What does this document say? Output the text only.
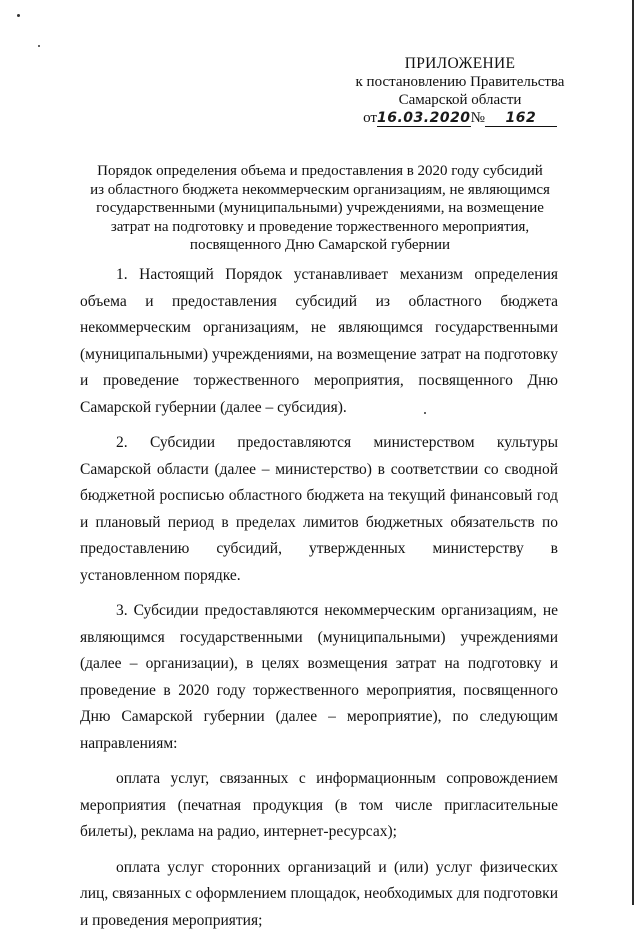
ПРИЛОЖЕНИЕ
к постановлению Правительства
Самарской области
от 16.03.2020 №	162
Порядок определения объема и предоставления в 2020 году субсидий
из областного бюджета некоммерческим организациям, не являющимся
государственными (муниципальными) учреждениями, на возмещение
затрат на подготовку и проведение торжественного мероприятия,
посвященного Дню Самарской губернии

1. Настоящий Порядок устанавливает механизм определения объема и предоставления субсидий из областного бюджета некоммерческим организациям, не являющимся государственными (муниципальными) учреждениями, на возмещение затрат на подготовку и проведение торжественного мероприятия, посвященного Дню Самарской губернии (далее – субсидия).

2. Субсидии предоставляются министерством культуры Самарской области (далее – министерство) в соответствии со сводной бюджетной росписью областного бюджета на текущий финансовый год и плановый период в пределах лимитов бюджетных обязательств по предоставлению субсидий, утвержденных министерству в установленном порядке.

3. Субсидии предоставляются некоммерческим организациям, не являющимся государственными (муниципальными) учреждениями (далее – организации), в целях возмещения затрат на подготовку и проведение в 2020 году торжественного мероприятия, посвященного Дню Самарской губернии (далее – мероприятие), по следующим направлениям:

оплата услуг, связанных с информационным сопровождением мероприятия (печатная продукция (в том числе пригласительные билеты), реклама на радио, интернет-ресурсах);

оплата услуг сторонних организаций и (или) услуг физических лиц, связанных с оформлением площадок, необходимых для подготовки и проведения мероприятия;
